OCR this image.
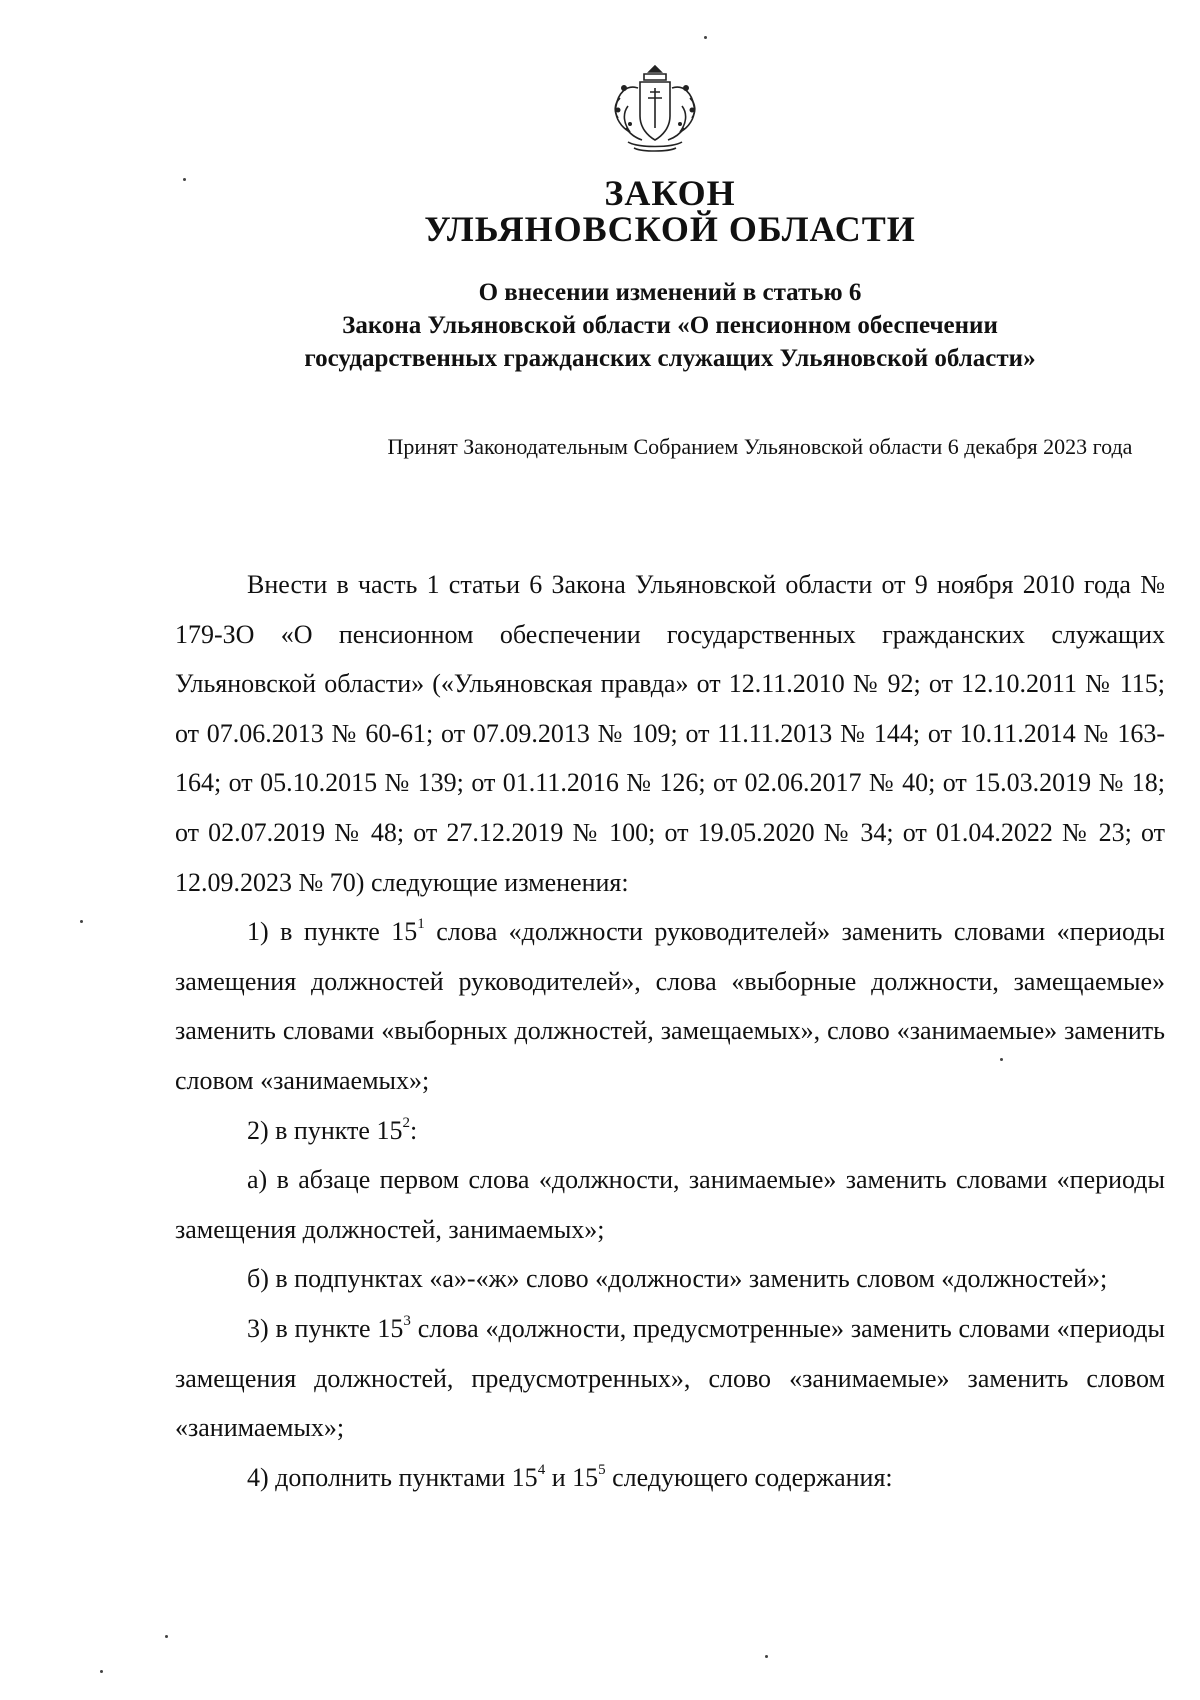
ЗАКОН
УЛЬЯНОВСКОЙ ОБЛАСТИ
О внесении изменений в статью 6
Закона Ульяновской области «О пенсионном обеспечении
государственных гражданских служащих Ульяновской области»
Принят Законодательным Собранием Ульяновской области 6 декабря 2023 года

Внести в часть 1 статьи 6 Закона Ульяновской области от 9 ноября 2010 года № 179-ЗО «О пенсионном обеспечении государственных гражданских служащих Ульяновской области» («Ульяновская правда» от 12.11.2010 № 92; от 12.10.2011 № 115; от 07.06.2013 № 60-61; от 07.09.2013 № 109; от 11.11.2013 № 144; от 10.11.2014 № 163-164; от 05.10.2015 № 139; от 01.11.2016 № 126; от 02.06.2017 № 40; от 15.03.2019 № 18; от 02.07.2019 № 48; от 27.12.2019 № 100; от 19.05.2020 № 34; от 01.04.2022 № 23; от 12.09.2023 № 70) следующие изменения:

1) в пункте $15^1$ слова «должности руководителей» заменить словами «периоды замещения должностей руководителей», слова «выборные должности, замещаемые» заменить словами «выборных должностей, замещаемых», слово «занимаемые» заменить словом «занимаемых»;

2) в пункте $15^2$:

а) в абзаце первом слова «должности, занимаемые» заменить словами «периоды замещения должностей, занимаемых»;

б) в подпунктах «а»-«ж» слово «должности» заменить словом «должностей»;

3) в пункте $15^3$ слова «должности, предусмотренные» заменить словами «периоды замещения должностей, предусмотренных», слово «занимаемые» заменить словом «занимаемых»;

4) дополнить пунктами $15^4$ и $15^5$ следующего содержания:
